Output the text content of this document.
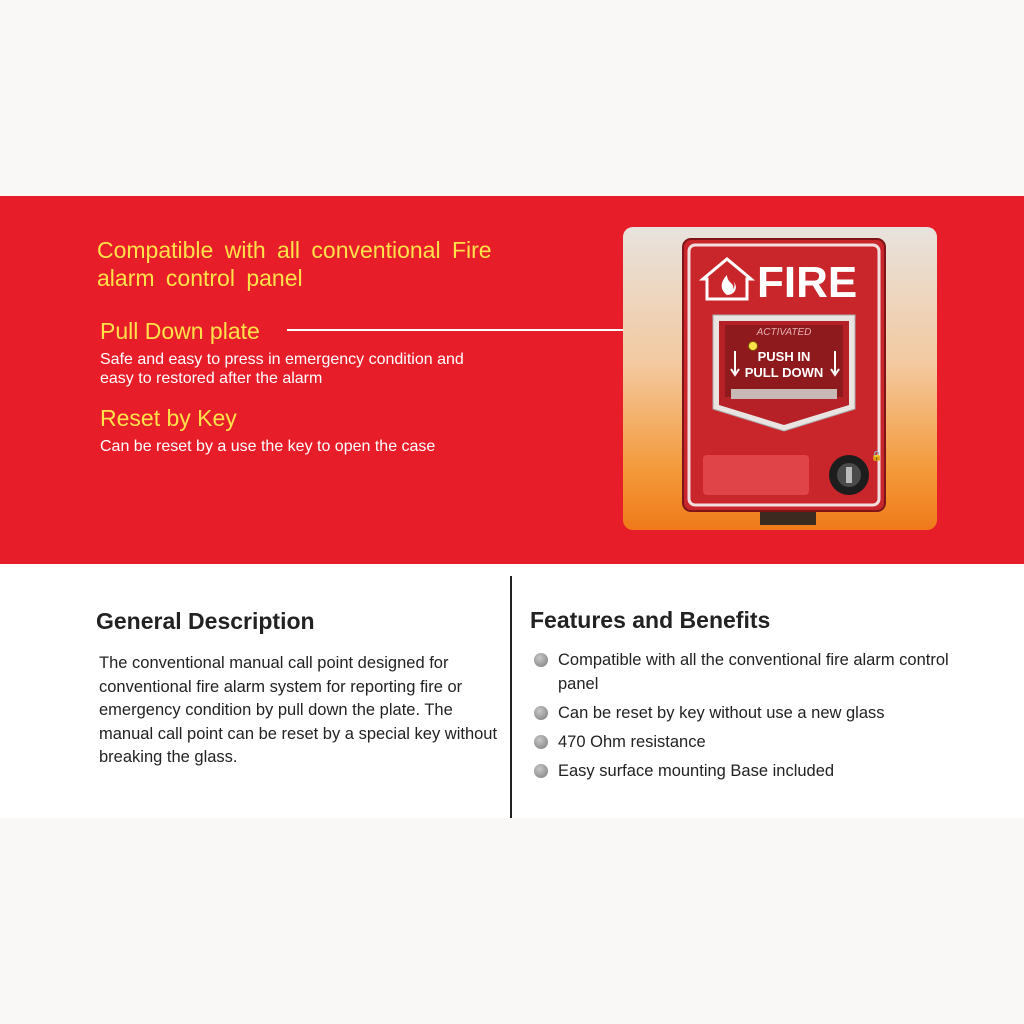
Compatible with all conventional Fire alarm control panel
Pull Down plate

Safe and easy to press in emergency condition and easy to restored after the alarm

Reset by Key

Can be reset by a use the key to open the case

FIRE
ACTIVATED
PUSH IN
PULL DOWN
🔓
General Description

The conventional manual call point designed for conventional fire alarm system for reporting fire or emergency condition by pull down the plate. The manual call point can be reset by a special key without breaking the glass.

Features and Benefits
Compatible with all the conventional fire alarm control panel
Can be reset by key without use a new glass
470 Ohm resistance
Easy surface mounting Base included
